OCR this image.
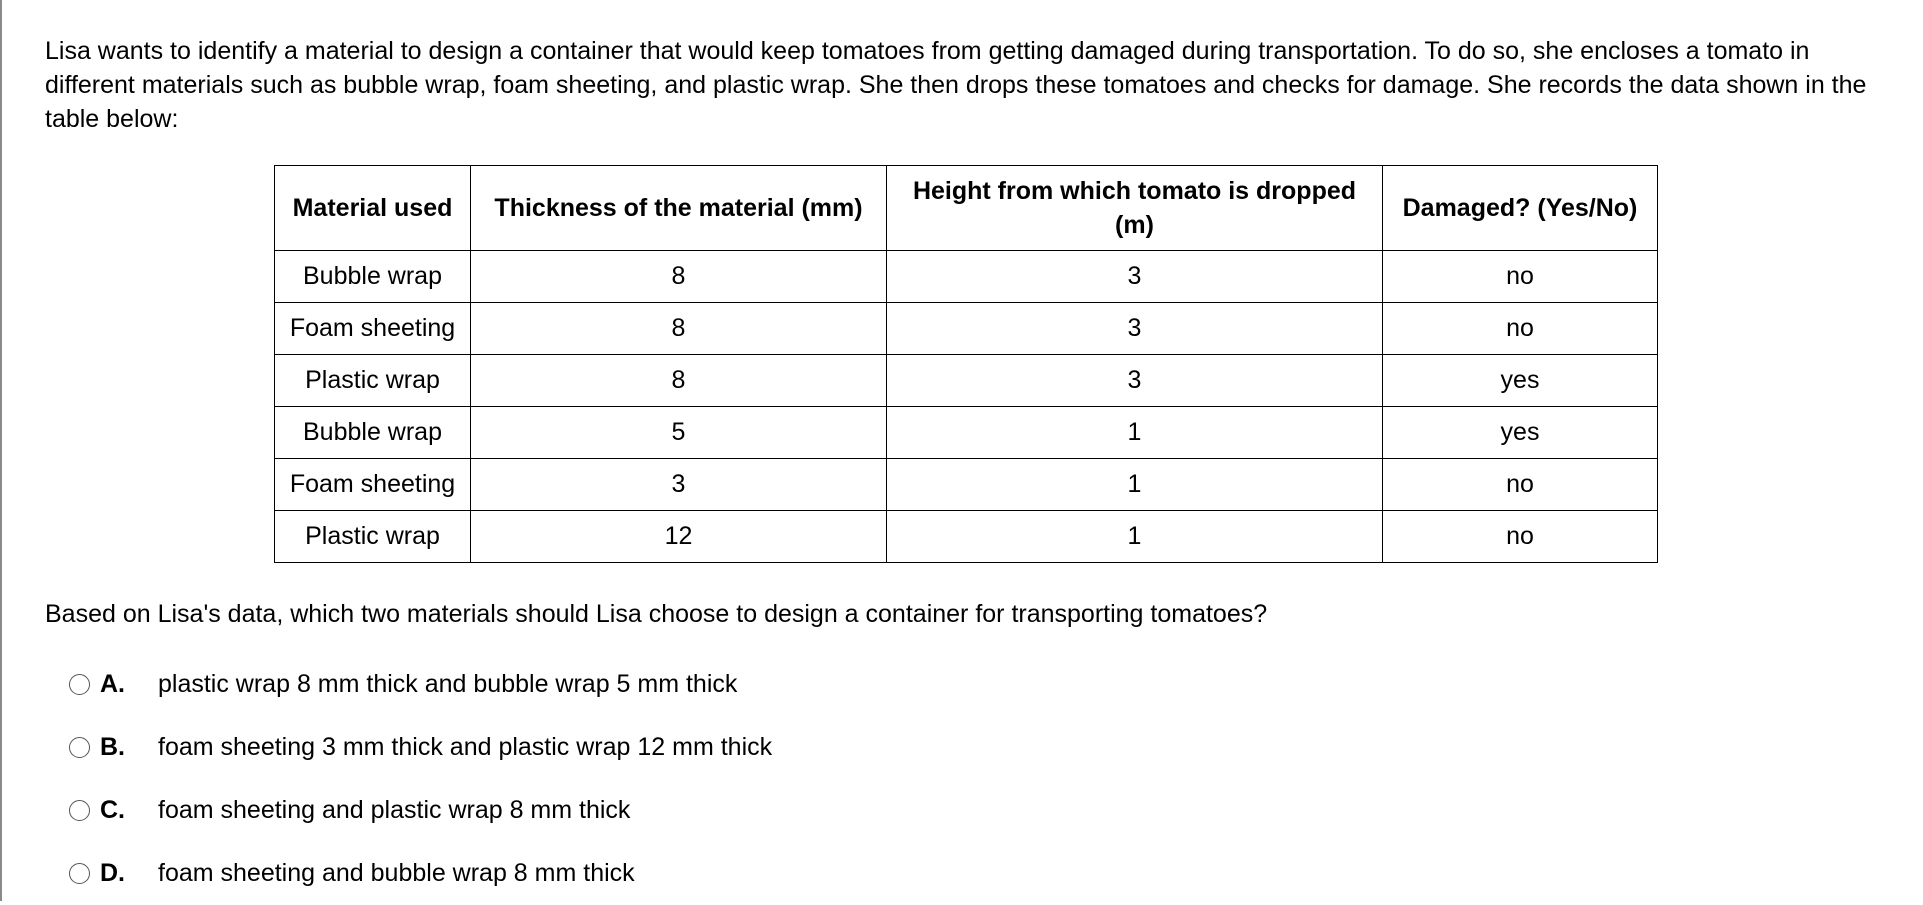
Lisa wants to identify a material to design a container that would keep tomatoes from getting damaged during transportation. To do so, she encloses a tomato in different materials such as bubble wrap, foam sheeting, and plastic wrap. She then drops these tomatoes and checks for damage. She records the data shown in the table below:

Material used	Thickness of the material (mm)	Height from which tomato is dropped (m)	Damaged? (Yes/No)
Bubble wrap	8	3	no
Foam sheeting	8	3	no
Plastic wrap	8	3	yes
Bubble wrap	5	1	yes
Foam sheeting	3	1	no
Plastic wrap	12	1	no

Based on Lisa's data, which two materials should Lisa choose to design a container for transporting tomatoes?

A.	plastic wrap 8 mm thick and bubble wrap 5 mm thick
B.	foam sheeting 3 mm thick and plastic wrap 12 mm thick
C.	foam sheeting and plastic wrap 8 mm thick
D.	foam sheeting and bubble wrap 8 mm thick
